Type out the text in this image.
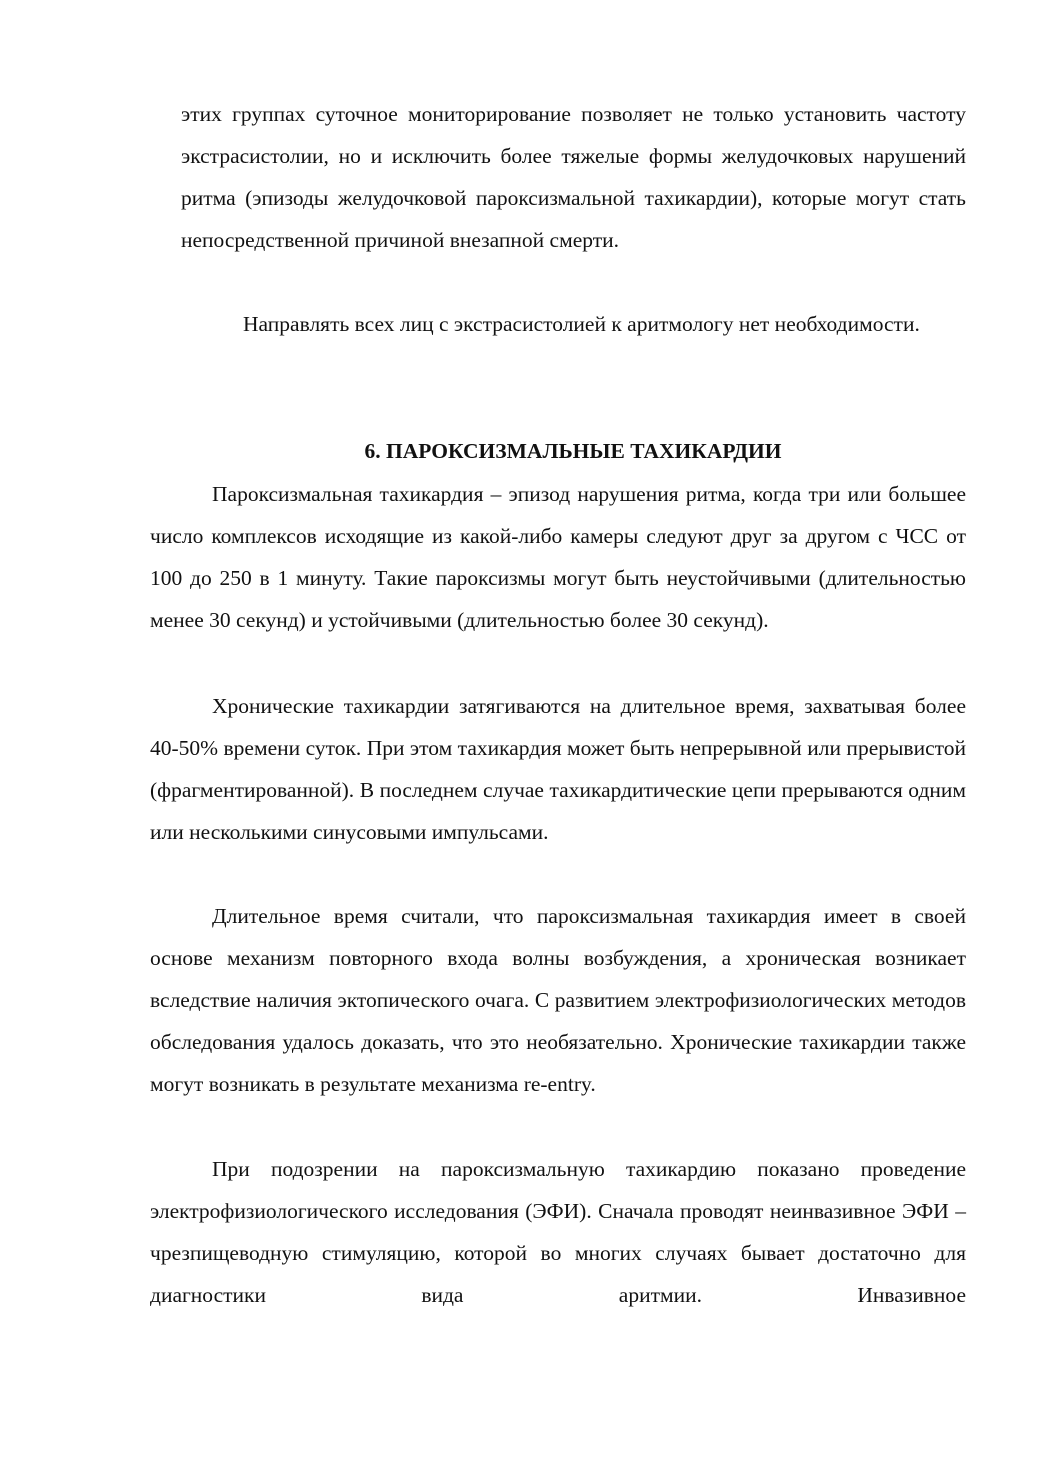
этих группах суточное мониторирование позволяет не только установить частоту экстрасистолии, но и исключить более тяжелые формы желудочковых нарушений ритма (эпизоды желудочковой пароксизмальной тахикардии), которые могут стать непосредственной причиной внезапной смерти.

Направлять всех лиц с экстрасистолией к аритмологу нет необходимости.

6. ПАРОКСИЗМАЛЬНЫЕ ТАХИКАРДИИ

Пароксизмальная тахикардия – эпизод нарушения ритма, когда три или большее число комплексов исходящие из какой-либо камеры следуют друг за другом с ЧСС от 100 до 250 в 1 минуту. Такие пароксизмы могут быть неустойчивыми (длительностью менее 30 секунд) и устойчивыми (длительностью более 30 секунд).

Хронические тахикардии затягиваются на длительное время, захватывая более 40-50% времени суток. При этом тахикардия может быть непрерывной или прерывистой (фрагментированной). В последнем случае тахикардитические цепи прерываются одним или несколькими синусовыми импульсами.

Длительное время считали, что пароксизмальная тахикардия имеет в своей основе механизм повторного входа волны возбуждения, а хроническая возникает вследствие наличия эктопического очага. С развитием электрофизиологических методов обследования удалось доказать, что это необязательно. Хронические тахикардии также могут возникать в результате механизма re-entry.

При подозрении на пароксизмальную тахикардию показано проведение электрофизиологического исследования (ЭФИ). Сначала проводят неинвазивное ЭФИ – чрезпищеводную стимуляцию, которой во многих случаях бывает достаточно для диагностики вида аритмии. Инвазивное
